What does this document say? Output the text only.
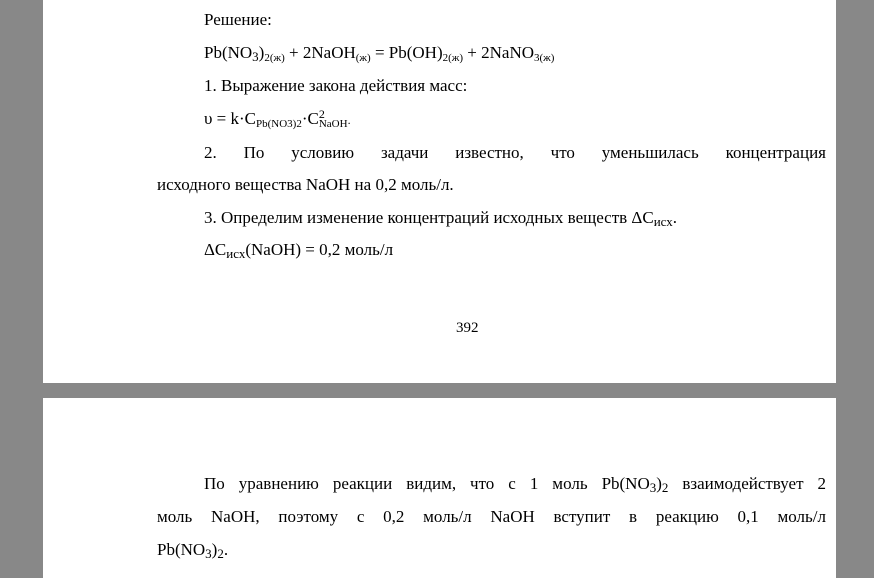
Решение:

$Pb(NO_3)_{2(ж)}$ + 2NaOH$_{(ж)}$ = $Pb(OH)_{2(ж)}$ + 2NaNO$_{3(ж)}$

1. Выражение закона действия масс:

$\upsilon = k\cdot C_{Pb(NO3)2}\cdot C^2_{NaOH}$.

2. По условию задачи известно, что уменьшилась концентрация

исходного вещества NaOH на 0,2 моль/л.

3. Определим изменение концентраций исходных веществ $\Delta C_{исх}$.

$\Delta C_{исх}(NaOH) = 0,2$ моль/л

392

По уравнению реакции видим, что с 1 моль $Pb(NO_3)_2$ взаимодействует 2

моль NaOH, поэтому с 0,2 моль/л NaOH вступит в реакцию 0,1 моль/л

$Pb(NO_3)_2$.
